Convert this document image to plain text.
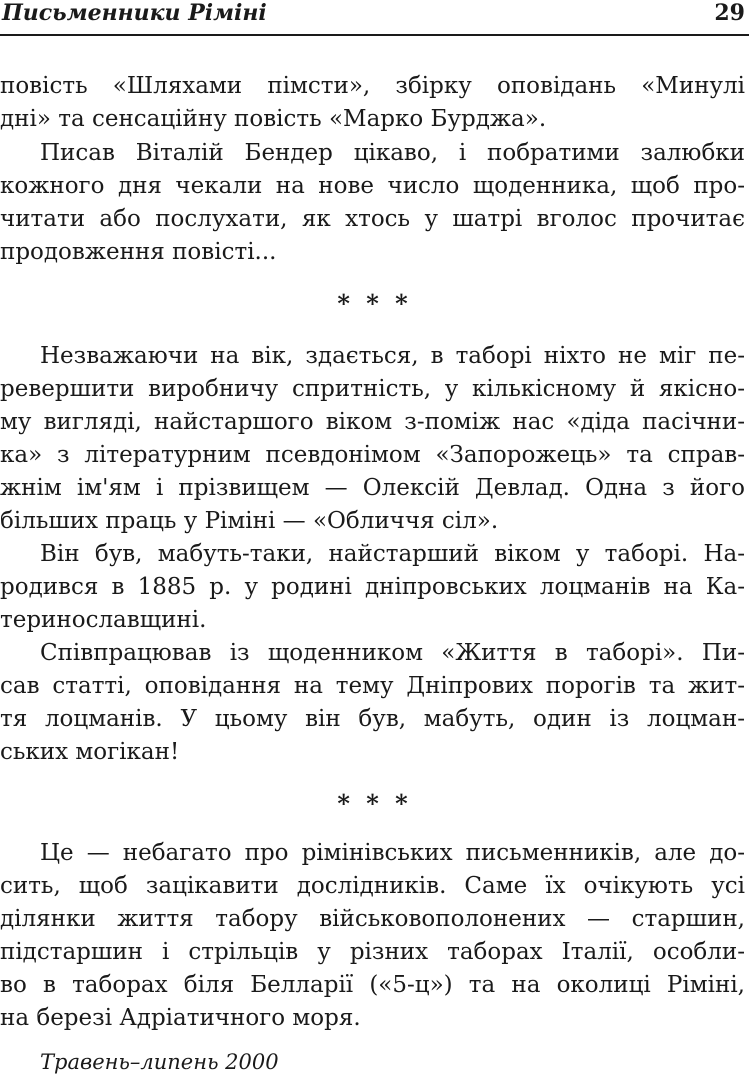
Письменники Ріміні	29
повість «Шляхами пімсти», збірку оповідань «Минулі
дні» та сенсаційну повість «Марко Бурджа».
Писав Віталій Бендер цікаво, і побратими залюбки
кожного дня чекали на нове число щоденника, щоб про-
читати або послухати, як хтось у шатрі вголос прочитає
продовження повісті...
* * *
Незважаючи на вік, здається, в таборі ніхто не міг пе-
ревершити виробничу спритність, у кількісному й якісно-
му вигляді, найстаршого віком з-поміж нас «діда пасічни-
ка» з літературним псевдонімом «Запорожець» та справ-
жнім ім'ям і прізвищем — Олексій Девлад. Одна з його
більших праць у Ріміні — «Обличчя сіл».
Він був, мабуть-таки, найстарший віком у таборі. На-
родився в 1885 р. у родині дніпровських лоцманів на Ка-
теринославщині.
Співпрацював із щоденником «Життя в таборі». Пи-
сав статті, оповідання на тему Дніпрових порогів та жит-
тя лоцманів. У цьому він був, мабуть, один із лоцман-
ських могікан!
* * *
Це — небагато про рімінівських письменників, але до-
сить, щоб зацікавити дослідників. Саме їх очікують усі
ділянки життя табору військовополонених — старшин,
підстаршин і стрільців у різних таборах Італії, особли-
во в таборах біля Белларії («5-ц») та на околиці Ріміні,
на березі Адріатичного моря.
Травень–липень 2000
